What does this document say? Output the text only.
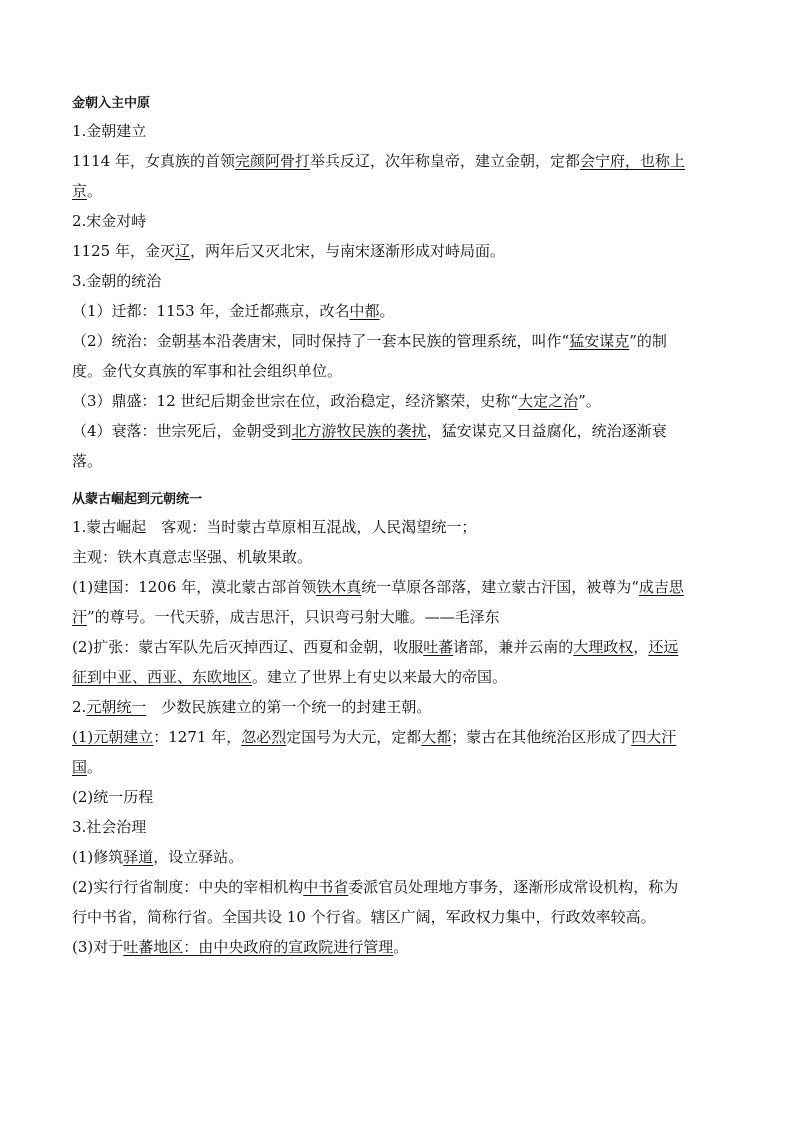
金朝入主中原

1.金朝建立

1114 年，女真族的首领完颜阿骨打举兵反辽，次年称皇帝，建立金朝，定都会宁府，也称上

京。

2.宋金对峙

1125 年，金灭辽，两年后又灭北宋，与南宋逐渐形成对峙局面。

3.金朝的统治

（1）迁都：1153 年，金迁都燕京，改名中都。

（2）统治：金朝基本沿袭唐宋，同时保持了一套本民族的管理系统，叫作“猛安谋克”的制

度。金代女真族的军事和社会组织单位。

（3）鼎盛：12 世纪后期金世宗在位，政治稳定，经济繁荣，史称“大定之治”。

（4）衰落：世宗死后，金朝受到北方游牧民族的袭扰，猛安谋克又日益腐化，统治逐渐衰

落。

从蒙古崛起到元朝统一

1.蒙古崛起　客观：当时蒙古草原相互混战，人民渴望统一；

主观：铁木真意志坚强、机敏果敢。

(1)建国：1206 年，漠北蒙古部首领铁木真统一草原各部落，建立蒙古汗国，被尊为“成吉思

汗”的尊号。一代天骄，成吉思汗，只识弯弓射大雕。——毛泽东

(2)扩张：蒙古军队先后灭掉西辽、西夏和金朝，收服吐蕃诸部，兼并云南的大理政权，还远

征到中亚、西亚、东欧地区。建立了世界上有史以来最大的帝国。

2.元朝统一　少数民族建立的第一个统一的封建王朝。

(1)元朝建立：1271 年，忽必烈定国号为大元，定都大都；蒙古在其他统治区形成了四大汗

国。

(2)统一历程

3.社会治理

(1)修筑驿道，设立驿站。

(2)实行行省制度：中央的宰相机构中书省委派官员处理地方事务，逐渐形成常设机构，称为

行中书省，简称行省。全国共设 10 个行省。辖区广阔，军政权力集中，行政效率较高。

(3)对于吐蕃地区：由中央政府的宣政院进行管理。
